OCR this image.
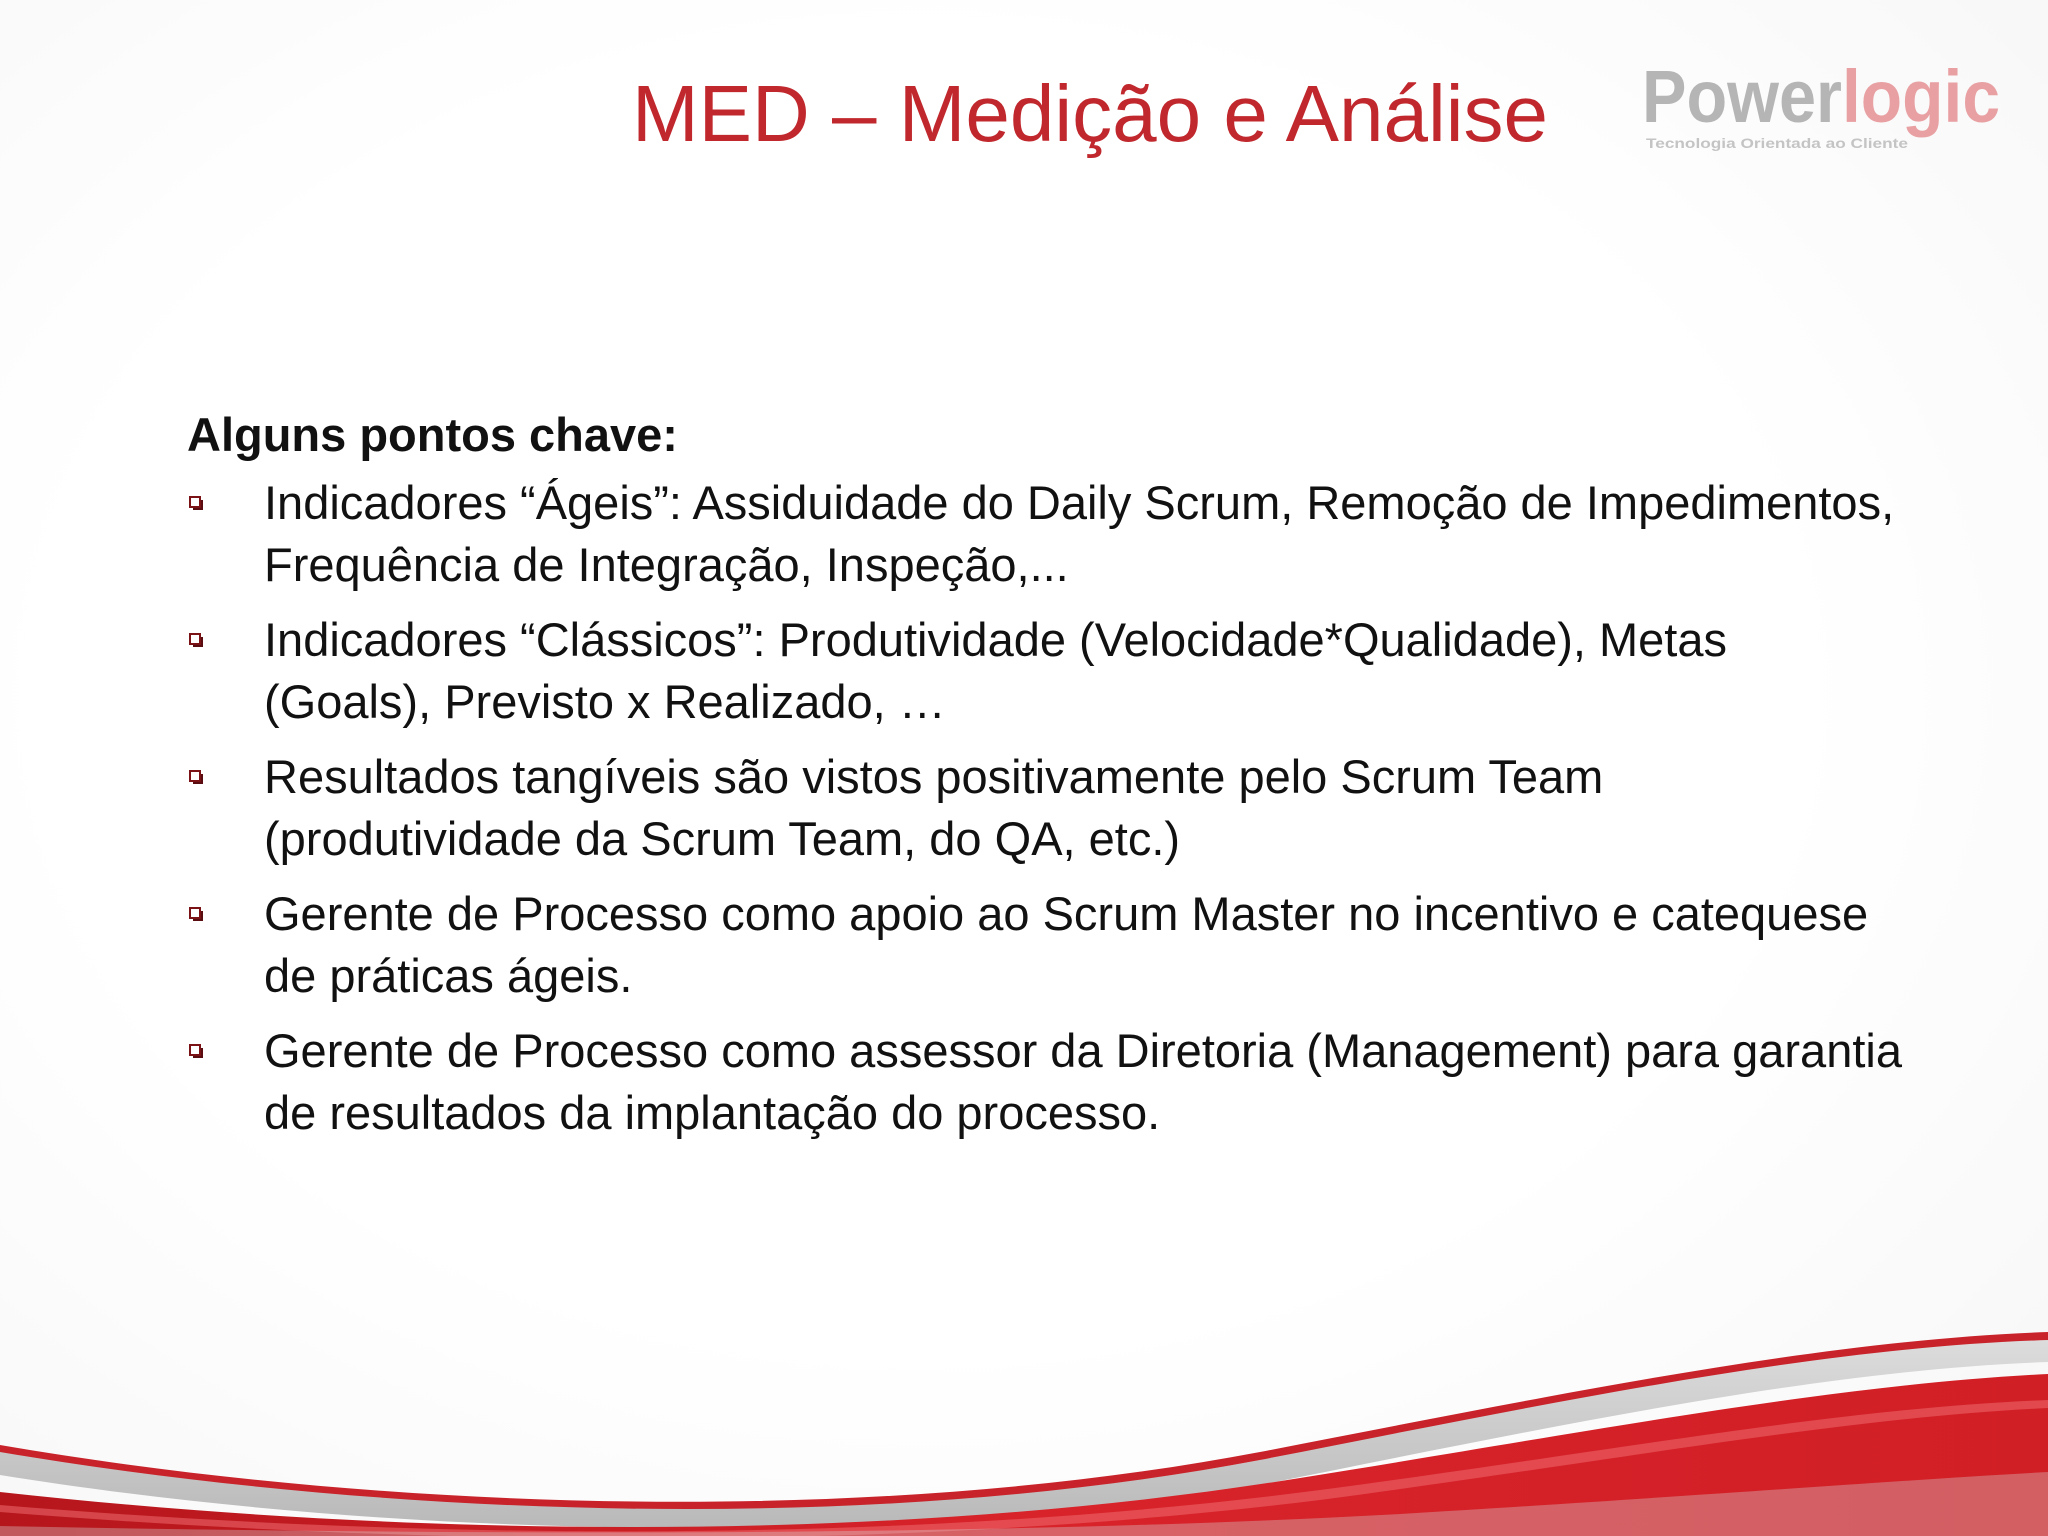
MED – Medição e Análise	Power logic
Tecnologia Orientada ao Cliente
Alguns pontos chave:
Indicadores “Ágeis”: Assiduidade do Daily Scrum, Remoção de Impedimentos, Frequência de Integração, Inspeção,...
Indicadores “Clássicos”: Produtividade (Velocidade*Qualidade), Metas (Goals), Previsto x Realizado, …
Resultados tangíveis são vistos positivamente pelo Scrum Team (produtividade da Scrum Team, do QA, etc.)
Gerente de Processo como apoio ao Scrum Master no incentivo e catequese de práticas ágeis.
Gerente de Processo como assessor da Diretoria (Management) para garantia de resultados da implantação do processo.
